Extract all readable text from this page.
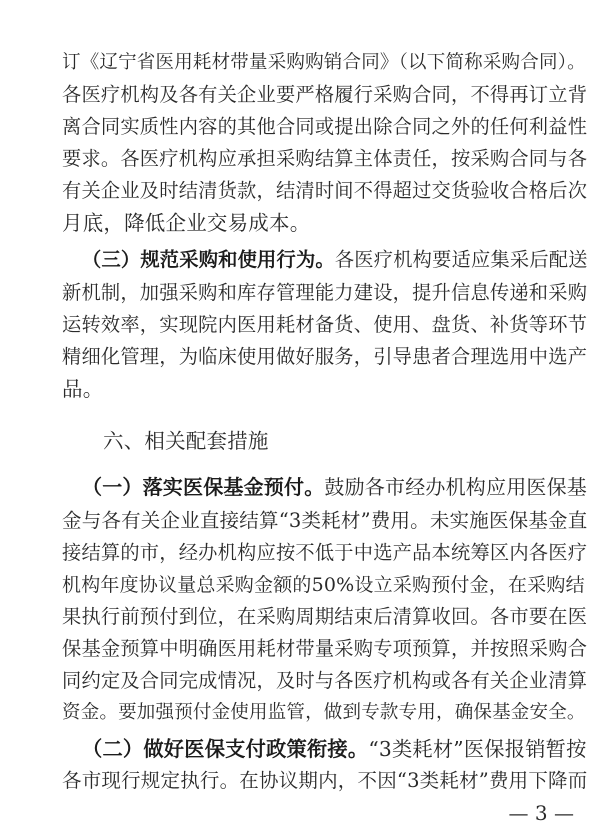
订《辽宁省医用耗材带量采购购销合同》（以下简称采购合同）。
各医疗机构及各有关企业要严格履行采购合同，不得再订立背
离合同实质性内容的其他合同或提出除合同之外的任何利益性
要求。各医疗机构应承担采购结算主体责任，按采购合同与各
有关企业及时结清货款，结清时间不得超过交货验收合格后次
月底，降低企业交易成本。
（三）规范采购和使用行为。各医疗机构要适应集采后配送
新机制，加强采购和库存管理能力建设，提升信息传递和采购
运转效率，实现院内医用耗材备货、使用、盘货、补货等环节
精细化管理，为临床使用做好服务，引导患者合理选用中选产
品。
六、相关配套措施
（一）落实医保基金预付。鼓励各市经办机构应用医保基
金与各有关企业直接结算“3类耗材”费用。未实施医保基金直
接结算的市，经办机构应按不低于中选产品本统筹区内各医疗
机构年度协议量总采购金额的50%设立采购预付金，在采购结
果执行前预付到位，在采购周期结束后清算收回。各市要在医
保基金预算中明确医用耗材带量采购专项预算，并按照采购合
同约定及合同完成情况，及时与各医疗机构或各有关企业清算
资金。要加强预付金使用监管，做到专款专用，确保基金安全。
（二）做好医保支付政策衔接。“3类耗材”医保报销暂按
各市现行规定执行。在协议期内，不因“3类耗材”费用下降而
— 3 —
